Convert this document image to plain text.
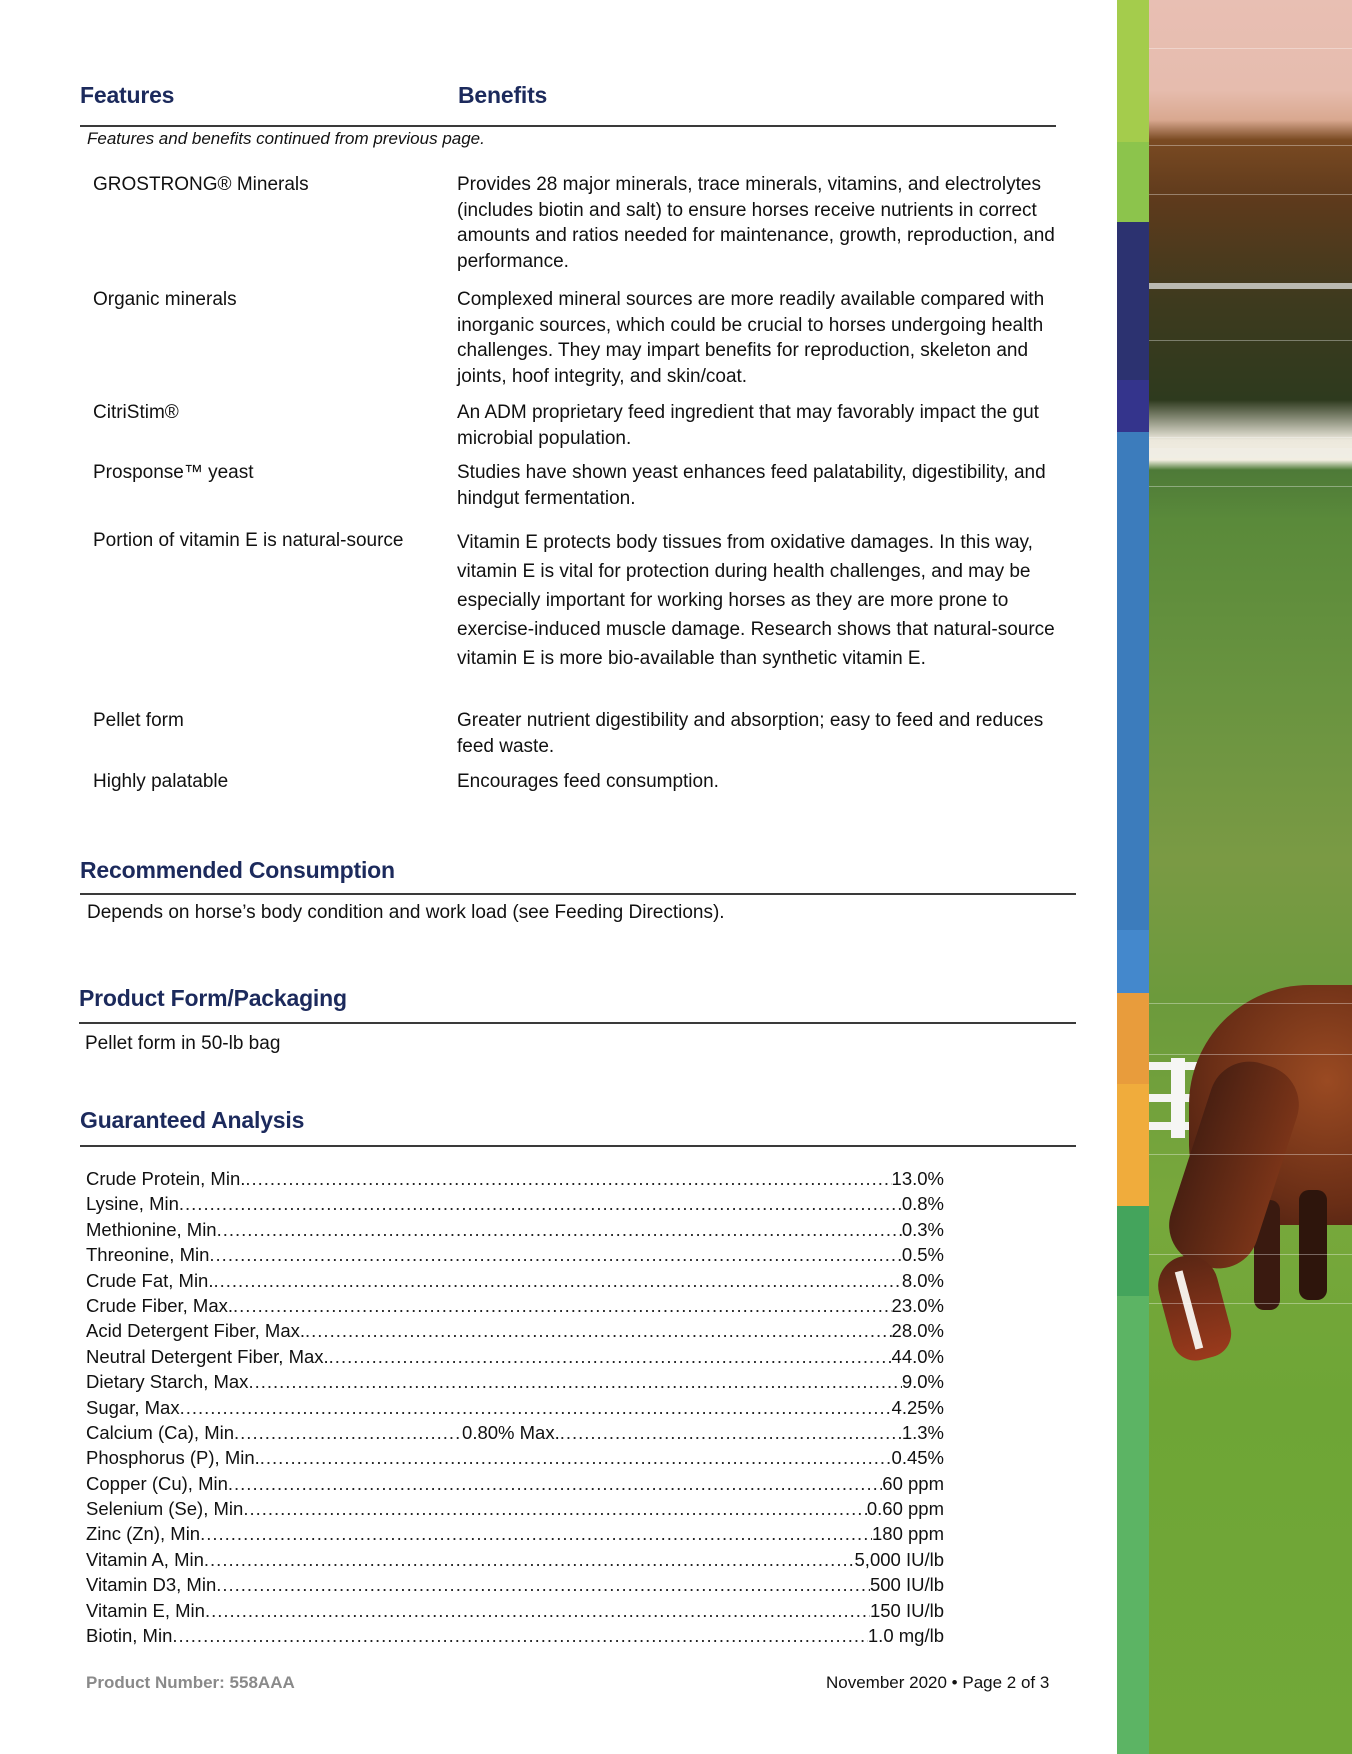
Features	Benefits
Features and benefits continued from previous page.
GROSTRONG® Minerals	Provides 28 major minerals, trace minerals, vitamins, and electrolytes (includes biotin and salt) to ensure horses receive nutrients in correct amounts and ratios needed for maintenance, growth, reproduction, and performance.
Organic minerals	Complexed mineral sources are more readily available compared with inorganic sources, which could be crucial to horses undergoing health challenges. They may impart benefits for reproduction, skeleton and joints, hoof integrity, and skin/coat.
CitriStim®	An ADM proprietary feed ingredient that may favorably impact the gut microbial population.
Prosponse™ yeast	Studies have shown yeast enhances feed palatability, digestibility, and hindgut fermentation.
Portion of vitamin E is natural-source	Vitamin E protects body tissues from oxidative damages. In this way, vitamin E is vital for protection during health challenges, and may be especially important for working horses as they are more prone to exercise-induced muscle damage. Research shows that natural-source vitamin E is more bio-available than synthetic vitamin E.
Pellet form	Greater nutrient digestibility and absorption; easy to feed and reduces feed waste.
Highly palatable	Encourages feed consumption.
Recommended Consumption
Depends on horse’s body condition and work load (see Feeding Directions).
Product Form/Packaging
Pellet form in 50-lb bag
Guaranteed Analysis
Crude Protein, Min. .....	13.0%
Lysine, Min .....	0.8%
Methionine, Min .....	0.3%
Threonine, Min .....	0.5%
Crude Fat, Min. .....	8.0%
Crude Fiber, Max. .....	23.0%
Acid Detergent Fiber, Max. .....	28.0%
Neutral Detergent Fiber, Max. .....	44.0%
Dietary Starch, Max .....	9.0%
Sugar, Max .....	4.25%
Calcium (Ca), Min .....	0.80% Max. .....	1.3%
Phosphorus (P), Min. .....	0.45%
Copper (Cu), Min .....	60 ppm
Selenium (Se), Min .....	0.60 ppm
Zinc (Zn), Min .....	180 ppm
Vitamin A, Min .....	5,000 IU/lb
Vitamin D3, Min .....	500 IU/lb
Vitamin E, Min .....	150 IU/lb
Biotin, Min .....	1.0 mg/lb
Product Number: 558AAA	November 2020 • Page 2 of 3
